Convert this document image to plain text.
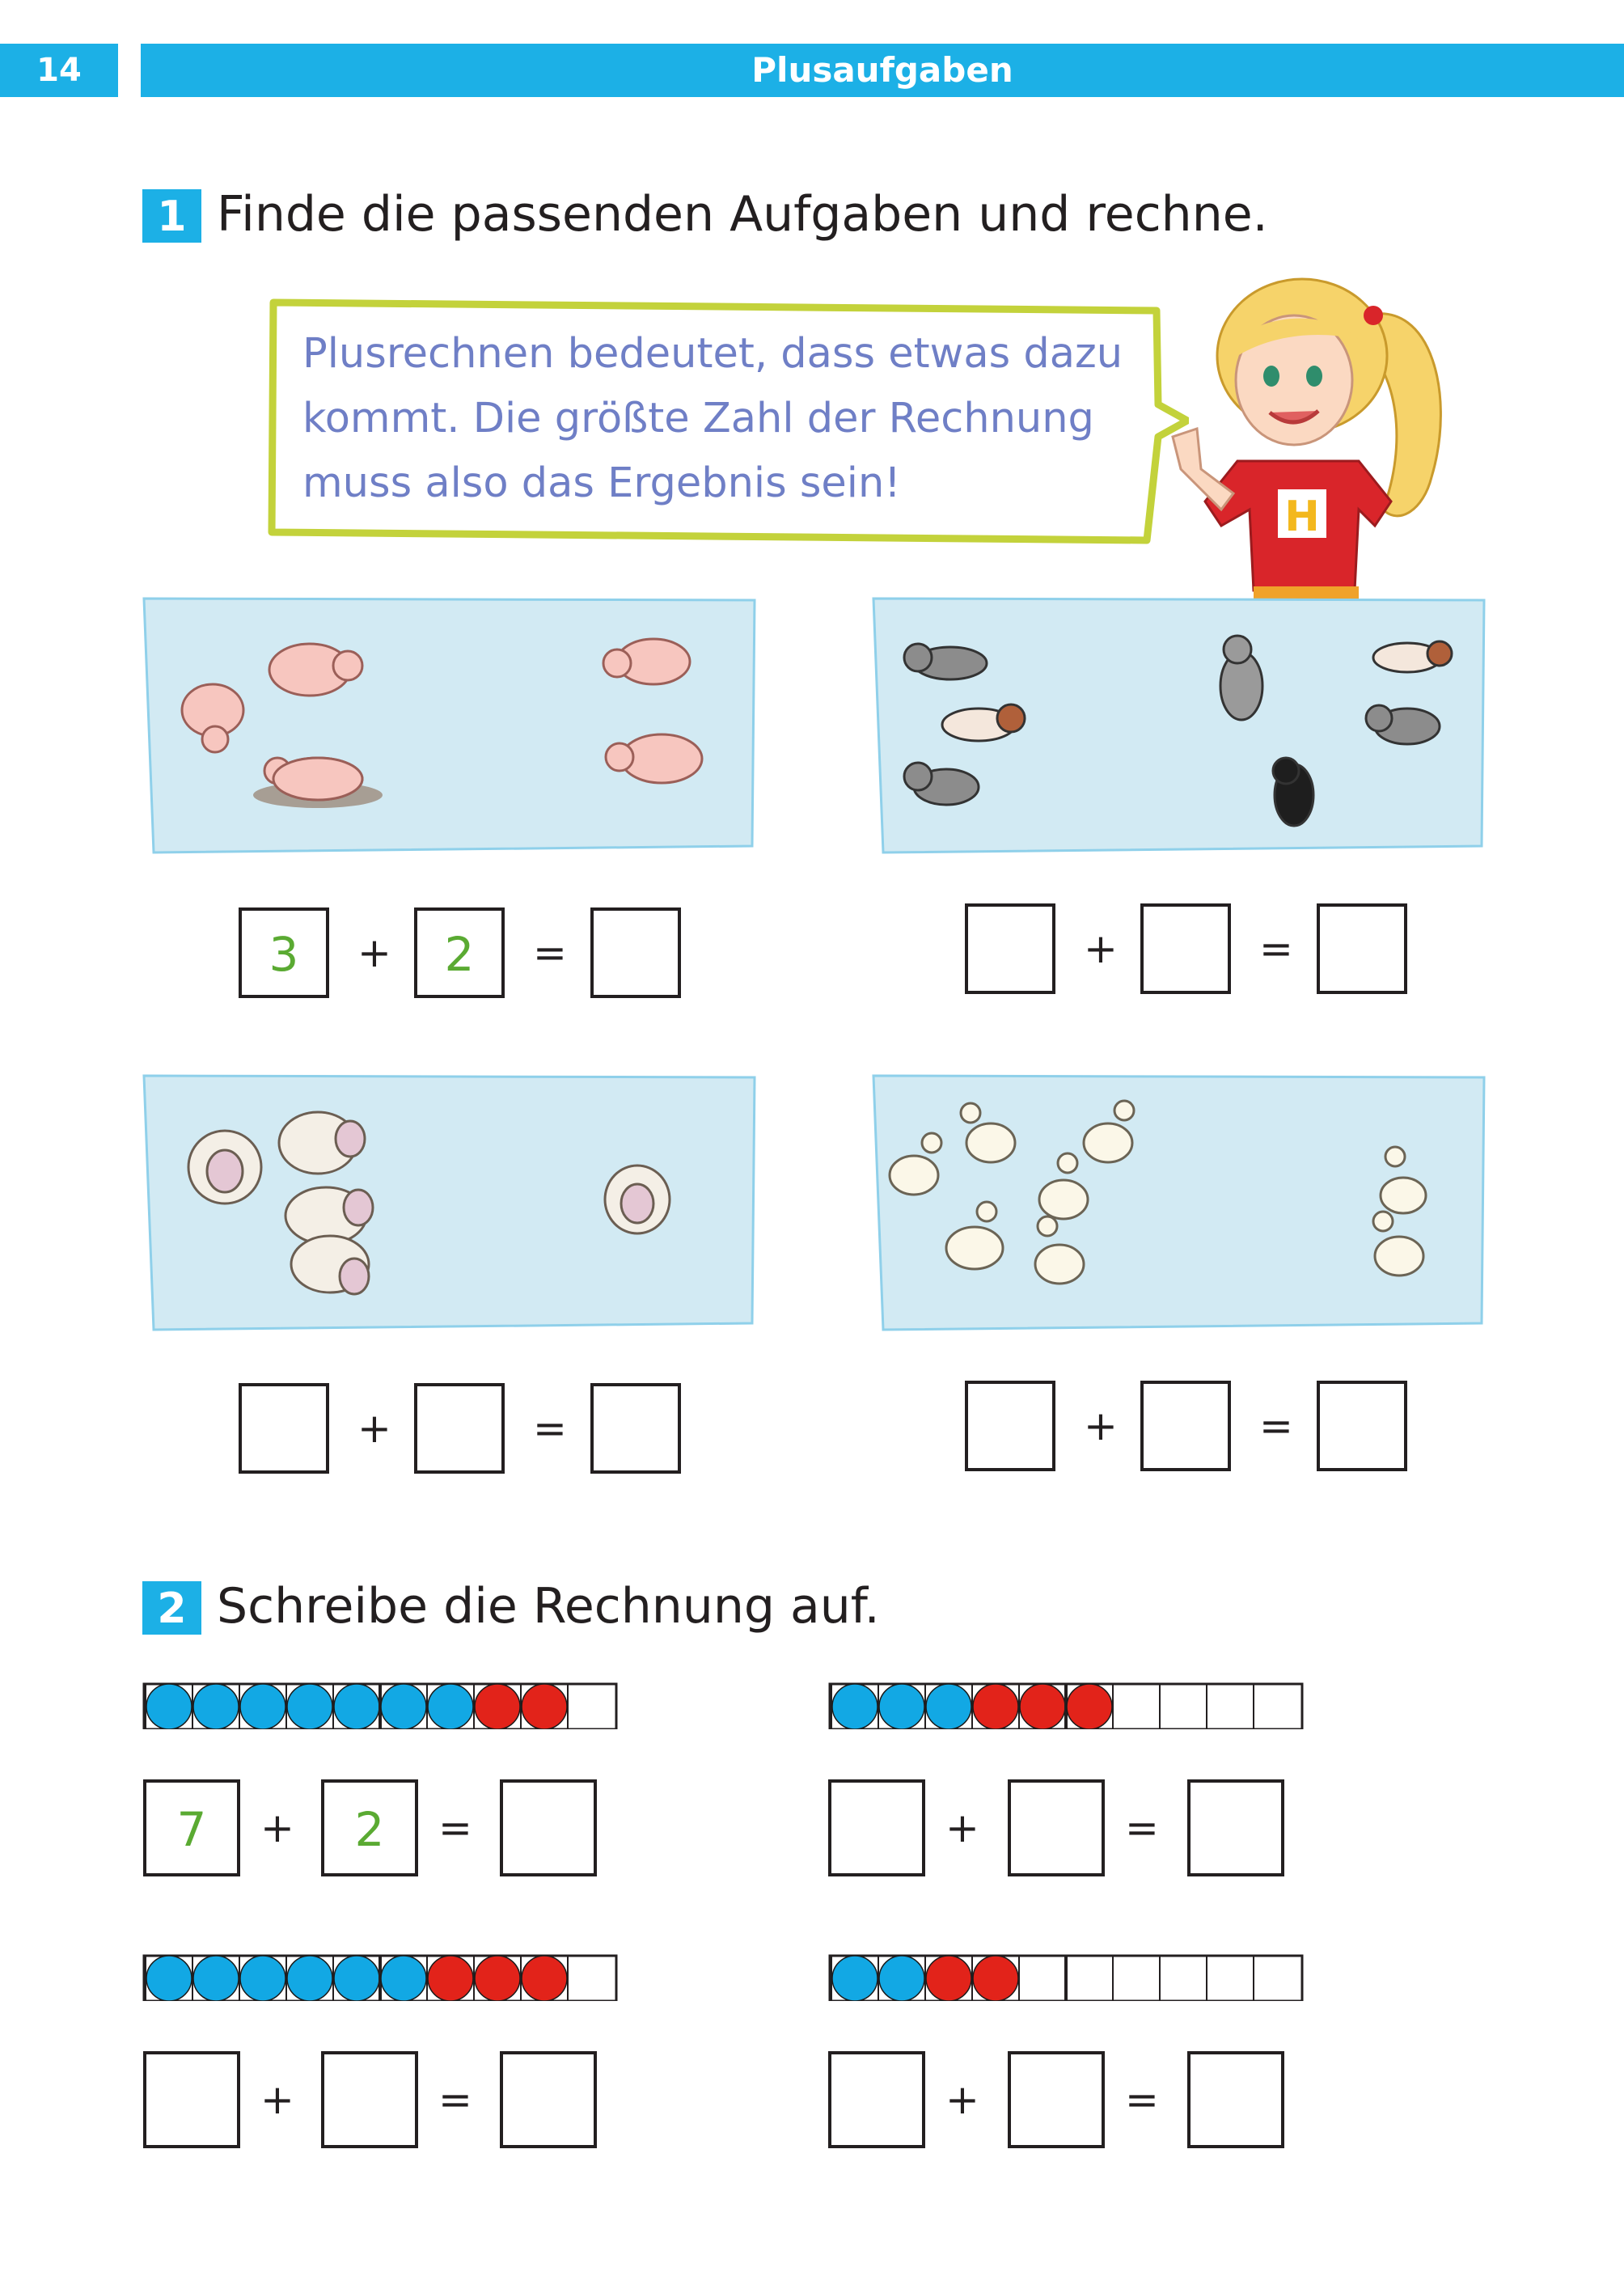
14	Plusaufgaben
1 Finde die passenden Aufgaben und rechne.
Plusrechnen bedeutet, dass etwas dazu
kommt. Die größte Zahl der Rechnung
muss also das Ergebnis sein!
H
3	+	2	=	+	=
+	=	+	=
2 Schreibe die Rechnung auf.
7	+	2	=	+	=
+	=	+	=
